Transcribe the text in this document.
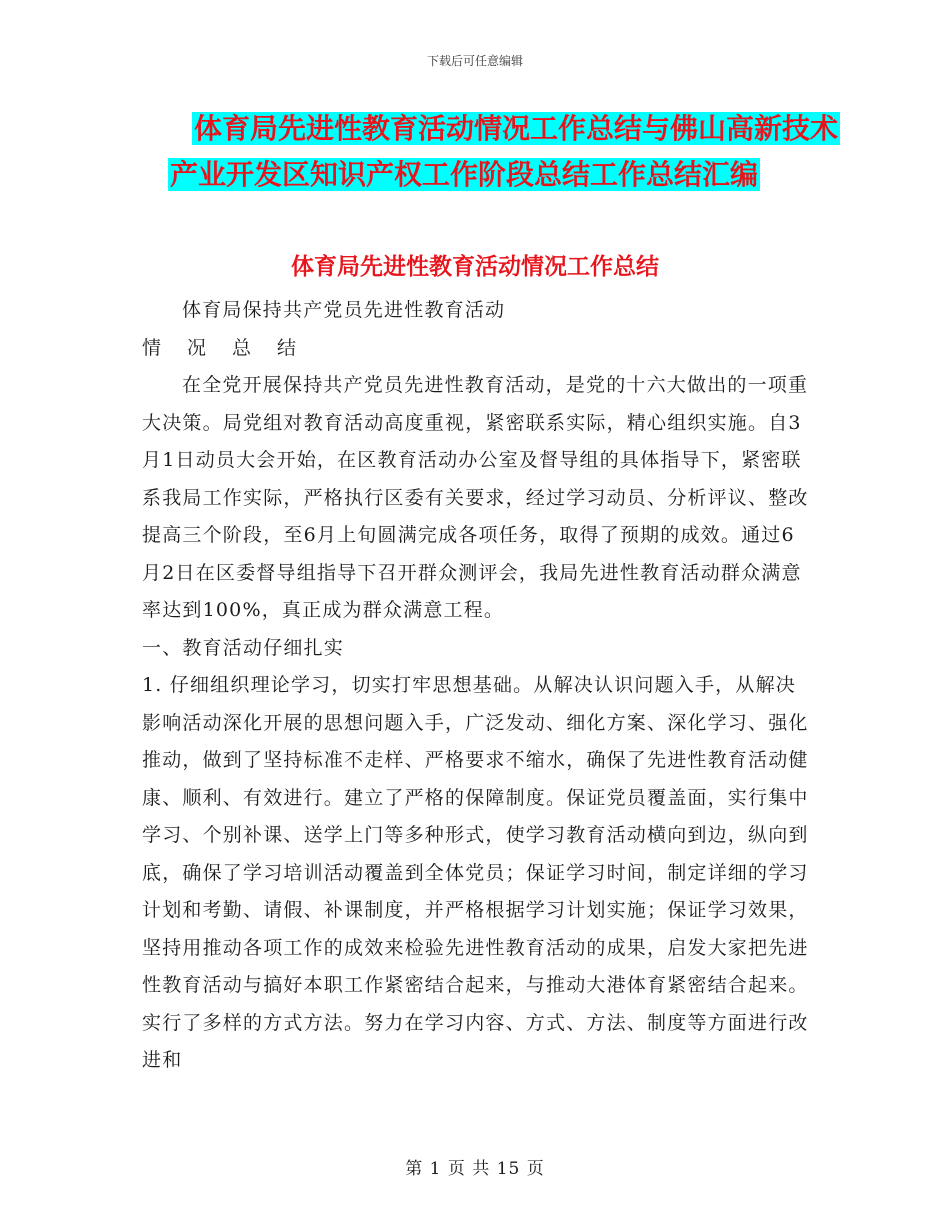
下载后可任意编辑
体育局先进性教育活动情况工作总结与佛山高新技术
产业开发区知识产权工作阶段总结工作总结汇编
体育局先进性教育活动情况工作总结

体育局保持共产党员先进性教育活动

情况总结

在全党开展保持共产党员先进性教育活动，是党的十六大做出的一项重大决策。局党组对教育活动高度重视，紧密联系实际，精心组织实施。自3月1日动员大会开始，在区教育活动办公室及督导组的具体指导下，紧密联系我局工作实际，严格执行区委有关要求，经过学习动员、分析评议、整改提高三个阶段，至6月上旬圆满完成各项任务，取得了预期的成效。通过6月2日在区委督导组指导下召开群众测评会，我局先进性教育活动群众满意率达到100%，真正成为群众满意工程。

一、教育活动仔细扎实

1. 仔细组织理论学习，切实打牢思想基础。从解决认识问题入手，从解决影响活动深化开展的思想问题入手，广泛发动、细化方案、深化学习、强化推动，做到了坚持标准不走样、严格要求不缩水，确保了先进性教育活动健康、顺利、有效进行。建立了严格的保障制度。保证党员覆盖面，实行集中学习、个别补课、送学上门等多种形式，使学习教育活动横向到边，纵向到底，确保了学习培训活动覆盖到全体党员；保证学习时间，制定详细的学习计划和考勤、请假、补课制度，并严格根据学习计划实施；保证学习效果，坚持用推动各项工作的成效来检验先进性教育活动的成果，启发大家把先进性教育活动与搞好本职工作紧密结合起来，与推动大港体育紧密结合起来。实行了多样的方式方法。努力在学习内容、方式、方法、制度等方面进行改进和

第 1 页 共 15 页
